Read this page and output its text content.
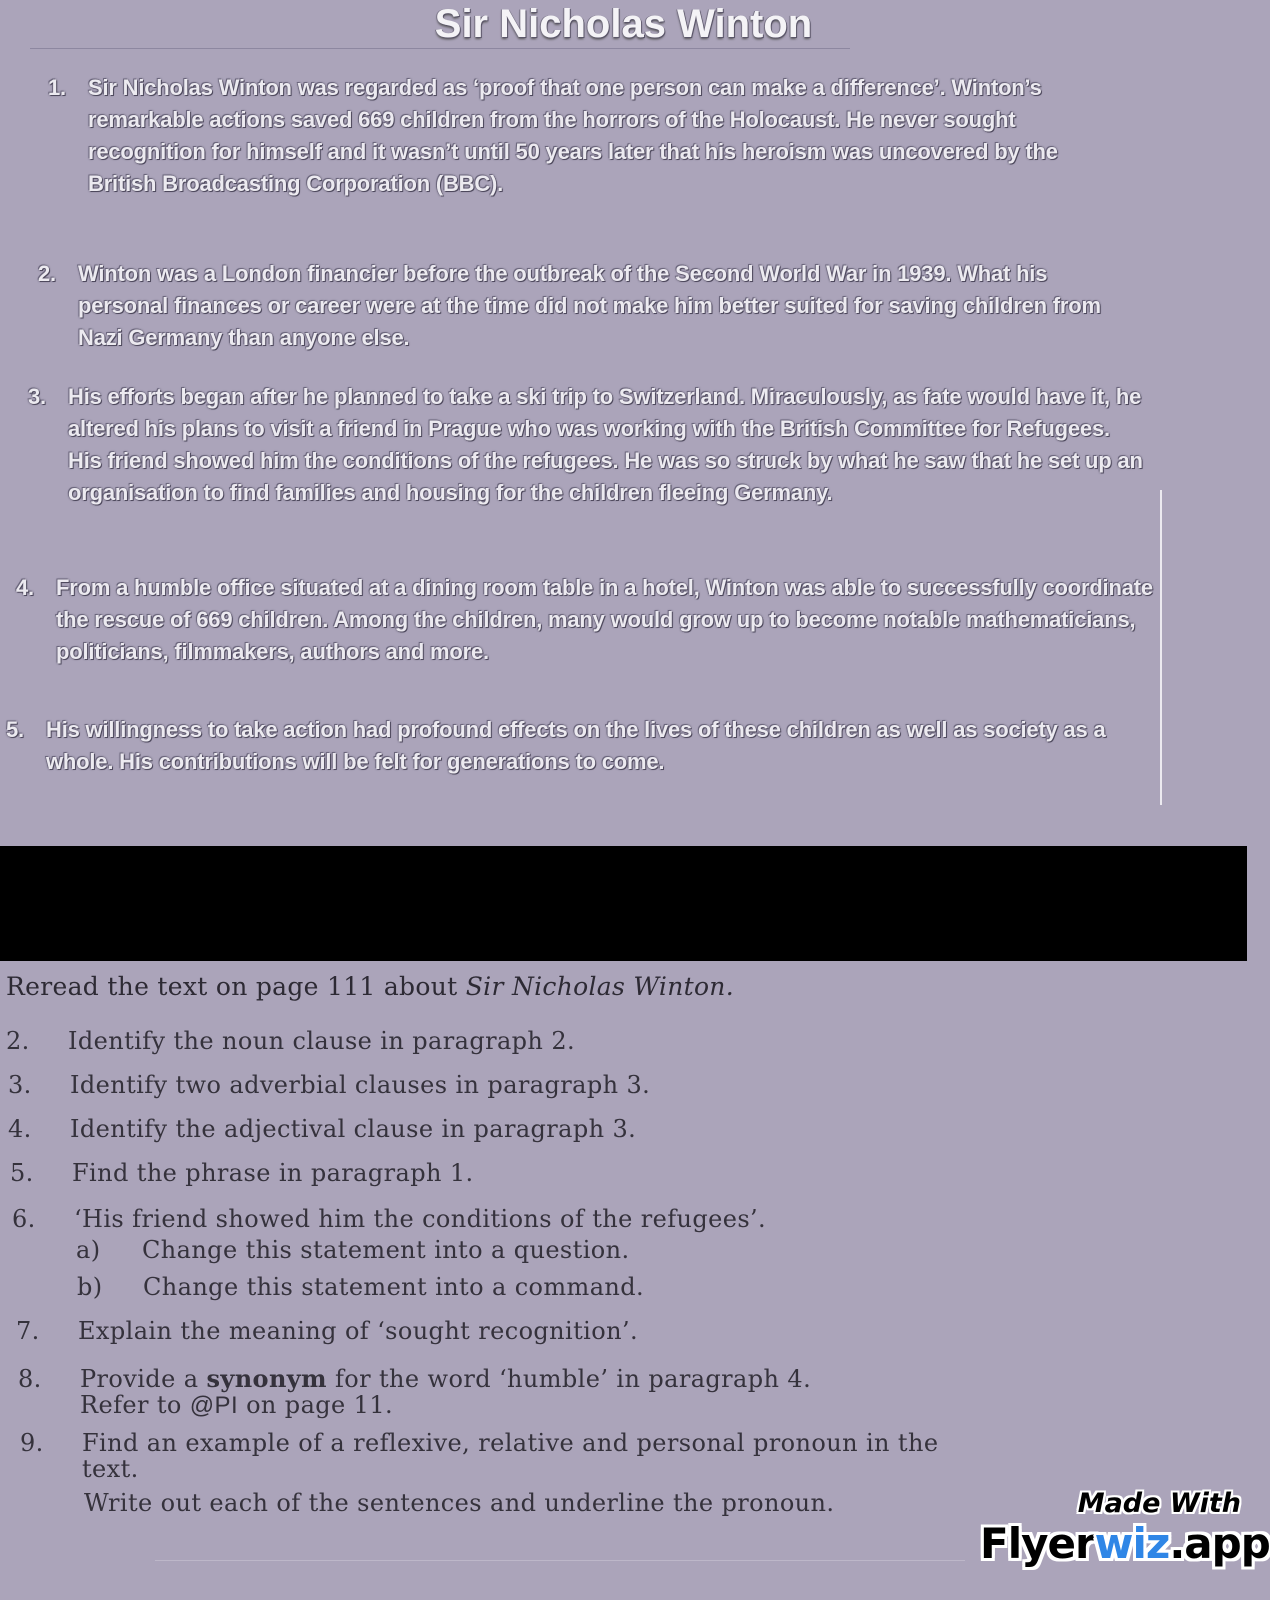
Sir Nicholas Winton

1. Sir Nicholas Winton was regarded as ‘proof that one person can make a difference’. Winton’s remarkable actions saved 669 children from the horrors of the Holocaust. He never sought recognition for himself and it wasn’t until 50 years later that his heroism was uncovered by the British Broadcasting Corporation (BBC).

2. Winton was a London financier before the outbreak of the Second World War in 1939. What his personal finances or career were at the time did not make him better suited for saving children from Nazi Germany than anyone else.

3. His efforts began after he planned to take a ski trip to Switzerland. Miraculously, as fate would have it, he altered his plans to visit a friend in Prague who was working with the British Committee for Refugees. His friend showed him the conditions of the refugees. He was so struck by what he saw that he set up an organisation to find families and housing for the children fleeing Germany.

4. From a humble office situated at a dining room table in a hotel, Winton was able to successfully coordinate the rescue of 669 children. Among the children, many would grow up to become notable mathematicians, politicians, filmmakers, authors and more.

5. His willingness to take action had profound effects on the lives of these children as well as society as a whole. His contributions will be felt for generations to come.

Reread the text on page 111 about Sir Nicholas Winton.

2. Identify the noun clause in paragraph 2.

3. Identify two adverbial clauses in paragraph 3.

4. Identify the adjectival clause in paragraph 3.

5. Find the phrase in paragraph 1.

6. ‘His friend showed him the conditions of the refugees’.

a) Change this statement into a question.

b) Change this statement into a command.

7. Explain the meaning of ‘sought recognition’.

8. Provide a synonym for the word ‘humble’ in paragraph 4.
Refer to @PI on page 11.

9. Find an example of a reflexive, relative and personal pronoun in the text.

Write out each of the sentences and underline the pronoun.	Made With
Flyerwiz.app
